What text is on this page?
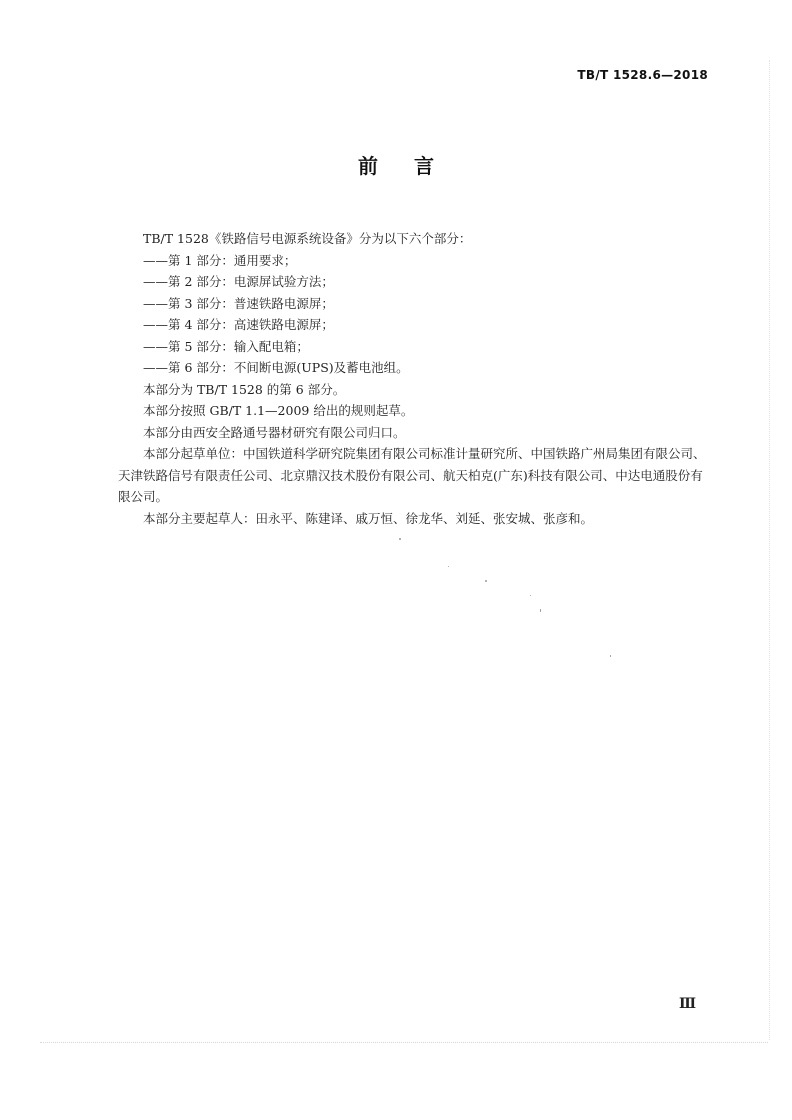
TB/T 1528.6—2018
前言

TB/T 1528《铁路信号电源系统设备》分为以下六个部分：

——第 1 部分：通用要求；

——第 2 部分：电源屏试验方法；

——第 3 部分：普速铁路电源屏；

——第 4 部分：高速铁路电源屏；

——第 5 部分：输入配电箱；

——第 6 部分：不间断电源(UPS)及蓄电池组。

本部分为 TB/T 1528 的第 6 部分。

本部分按照 GB/T 1.1—2009 给出的规则起草。

本部分由西安全路通号器材研究有限公司归口。

本部分起草单位：中国铁道科学研究院集团有限公司标准计量研究所、中国铁路广州局集团有限公司、天津铁路信号有限责任公司、北京鼎汉技术股份有限公司、航天柏克(广东)科技有限公司、中达电通股份有限公司。

本部分主要起草人：田永平、陈建译、戚万恒、徐龙华、刘延、张安城、张彦和。

Ⅲ
